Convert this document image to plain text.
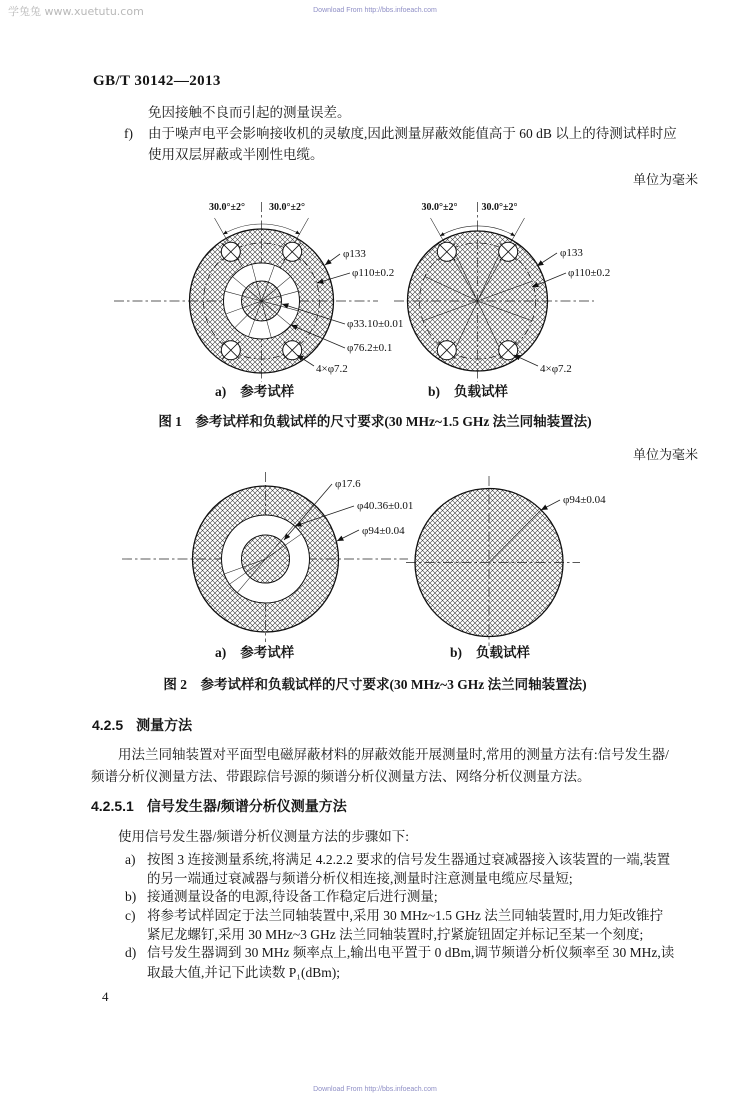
学兔兔 www.xuetutu.com	Download From http://bbs.infoeach.com
GB/T 30142—2013
免因接触不良而引起的测量误差。
f) 由于噪声电平会影响接收机的灵敏度,因此测量屏蔽效能值高于 60 dB 以上的待测试样时应
使用双层屏蔽或半刚性电缆。
单位为毫米
30.0°±2° 30.0°±2°
φ133
φ110±0.2
φ33.10±0.01
φ76.2±0.1
4×φ7.2
30.0°±2° 30.0°±2°
φ133
φ110±0.2
4×φ7.2
a) 参考试样	b) 负载试样
图 1　参考试样和负载试样的尺寸要求(30 MHz~1.5 GHz 法兰同轴装置法)
单位为毫米
φ17.6
φ40.36±0.01
φ94±0.04
φ94±0.04
a) 参考试样	b) 负载试样
图 2　参考试样和负载试样的尺寸要求(30 MHz~3 GHz 法兰同轴装置法)
4.2.5 测量方法
用法兰同轴装置对平面型电磁屏蔽材料的屏蔽效能开展测量时,常用的测量方法有:信号发生器/
频谱分析仪测量方法、带跟踪信号源的频谱分析仪测量方法、网络分析仪测量方法。
4.2.5.1 信号发生器/频谱分析仪测量方法
使用信号发生器/频谱分析仪测量方法的步骤如下:
a) 按图 3 连接测量系统,将满足 4.2.2.2 要求的信号发生器通过衰减器接入该装置的一端,装置
的另一端通过衰减器与频谱分析仪相连接,测量时注意测量电缆应尽量短;
b) 接通测量设备的电源,待设备工作稳定后进行测量;
c) 将参考试样固定于法兰同轴装置中,采用 30 MHz~1.5 GHz 法兰同轴装置时,用力矩改锥拧
紧尼龙螺钉,采用 30 MHz~3 GHz 法兰同轴装置时,拧紧旋钮固定并标记至某一个刻度;
d) 信号发生器调到 30 MHz 频率点上,输出电平置于 0 dBm,调节频谱分析仪频率至 30 MHz,读
取最大值,并记下此读数 P₁(dBm);
4
Download From http://bbs.infoeach.com
